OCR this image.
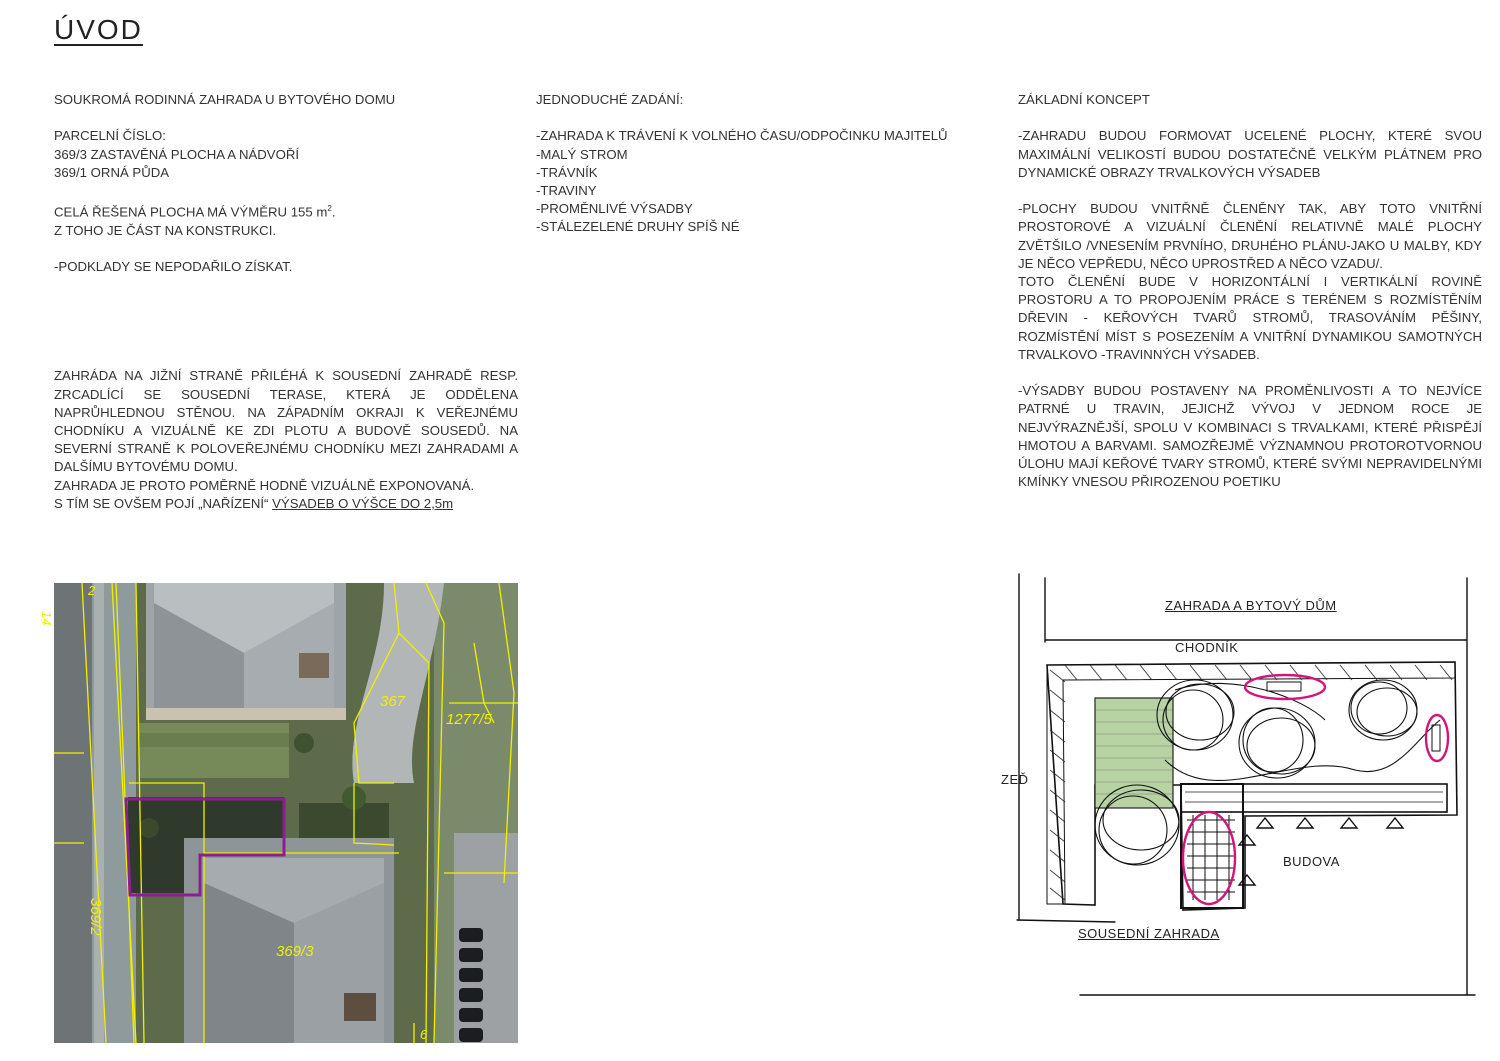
ÚVOD

SOUKROMÁ RODINNÁ ZAHRADA U BYTOVÉHO DOMU

PARCELNÍ ČÍSLO:

369/3 ZASTAVĚNÁ PLOCHA A NÁDVOŘÍ

369/1 ORNÁ PŮDA

CELÁ ŘEŠENÁ PLOCHA MÁ VÝMĚRU 155 $m^2$.

Z TOHO JE ČÁST NA KONSTRUKCI.

-PODKLADY SE NEPODAŘILO ZÍSKAT.

ZAHRÁDA NA JIŽNÍ STRANĚ PŘILÉHÁ K SOUSEDNÍ ZAHRADĚ RESP. ZRCADLÍCÍ SE SOUSEDNÍ TERASE, KTERÁ JE ODDĚLENA NAPRŮHLEDNOU STĚNOU. NA ZÁPADNÍM OKRAJI K VEŘEJNÉMU CHODNÍKU A VIZUÁLNĚ KE ZDI PLOTU A BUDOVĚ SOUSEDŮ. NA SEVERNÍ STRANĚ K POLOVEŘEJNÉMU CHODNÍKU MEZI ZAHRADAMI A DALŠÍMU BYTOVÉMU DOMU.

ZAHRADA JE PROTO POMĚRNĚ HODNĚ VIZUÁLNĚ EXPONOVANÁ.

S TÍM SE OVŠEM POJÍ „NAŘÍZENÍ“ VÝSADEB O VÝŠCE DO 2,5m

JEDNODUCHÉ ZADÁNÍ:

-ZAHRADA K TRÁVENÍ K VOLNÉHO ČASU/ODPOČINKU MAJITELŮ

-MALÝ STROM

-TRÁVNÍK

-TRAVINY

-PROMĚNLIVÉ VÝSADBY

-STÁLEZELENÉ DRUHY SPÍŠ NÉ

ZÁKLADNÍ KONCEPT

-ZAHRADU BUDOU FORMOVAT UCELENÉ PLOCHY, KTERÉ SVOU MAXIMÁLNÍ VELIKOSTÍ BUDOU DOSTATEČNĚ VELKÝM PLÁTNEM PRO DYNAMICKÉ OBRAZY TRVALKOVÝCH VÝSADEB

-PLOCHY BUDOU VNITŘNĚ ČLENĚNY TAK, ABY TOTO VNITŘNÍ PROSTOROVÉ A VIZUÁLNÍ ČLENĚNÍ RELATIVNĚ MALÉ PLOCHY ZVĚTŠILO /VNESENÍM PRVNÍHO, DRUHÉHO PLÁNU-JAKO U MALBY, KDY JE NĚCO VEPŘEDU, NĚCO UPROSTŘED A NĚCO VZADU/.

TOTO ČLENĚNÍ BUDE V HORIZONTÁLNÍ I VERTIKÁLNÍ ROVINĚ PROSTORU A TO PROPOJENÍM PRÁCE S TERÉNEM S ROZMÍSTĚNÍM DŘEVIN - KEŘOVÝCH TVARŮ STROMŮ, TRASOVÁNÍM PĚŠINY, ROZMÍSTĚNÍ MÍST S POSEZENÍM A VNITŘNÍ DYNAMIKOU SAMOTNÝCH TRVALKOVO -TRAVINNÝCH VÝSADEB.

-VÝSADBY BUDOU POSTAVENY NA PROMĚNLIVOSTI A TO NEJVÍCE PATRNÉ U TRAVIN, JEJICHŽ VÝVOJ V JEDNOM ROCE JE NEJVÝRAZNĚJŠÍ, SPOLU V KOMBINACI S TRVALKAMI, KTERÉ PŘISPĚJÍ HMOTOU A BARVAMI. SAMOZŘEJMĚ VÝZNAMNOU PROTOROTVORNOU ÚLOHU MAJÍ KEŘOVÉ TVARY STROMŮ, KTERÉ SVÝMI NEPRAVIDELNÝMI KMÍNKY VNESOU PŘIROZENOU POETIKU

367
1277/5
369/2
369/3
2
14
6
ZAHRADA A BYTOVÝ DŮM
CHODNÍK
ZEĎ
BUDOVA
SOUSEDNÍ ZAHRADA
